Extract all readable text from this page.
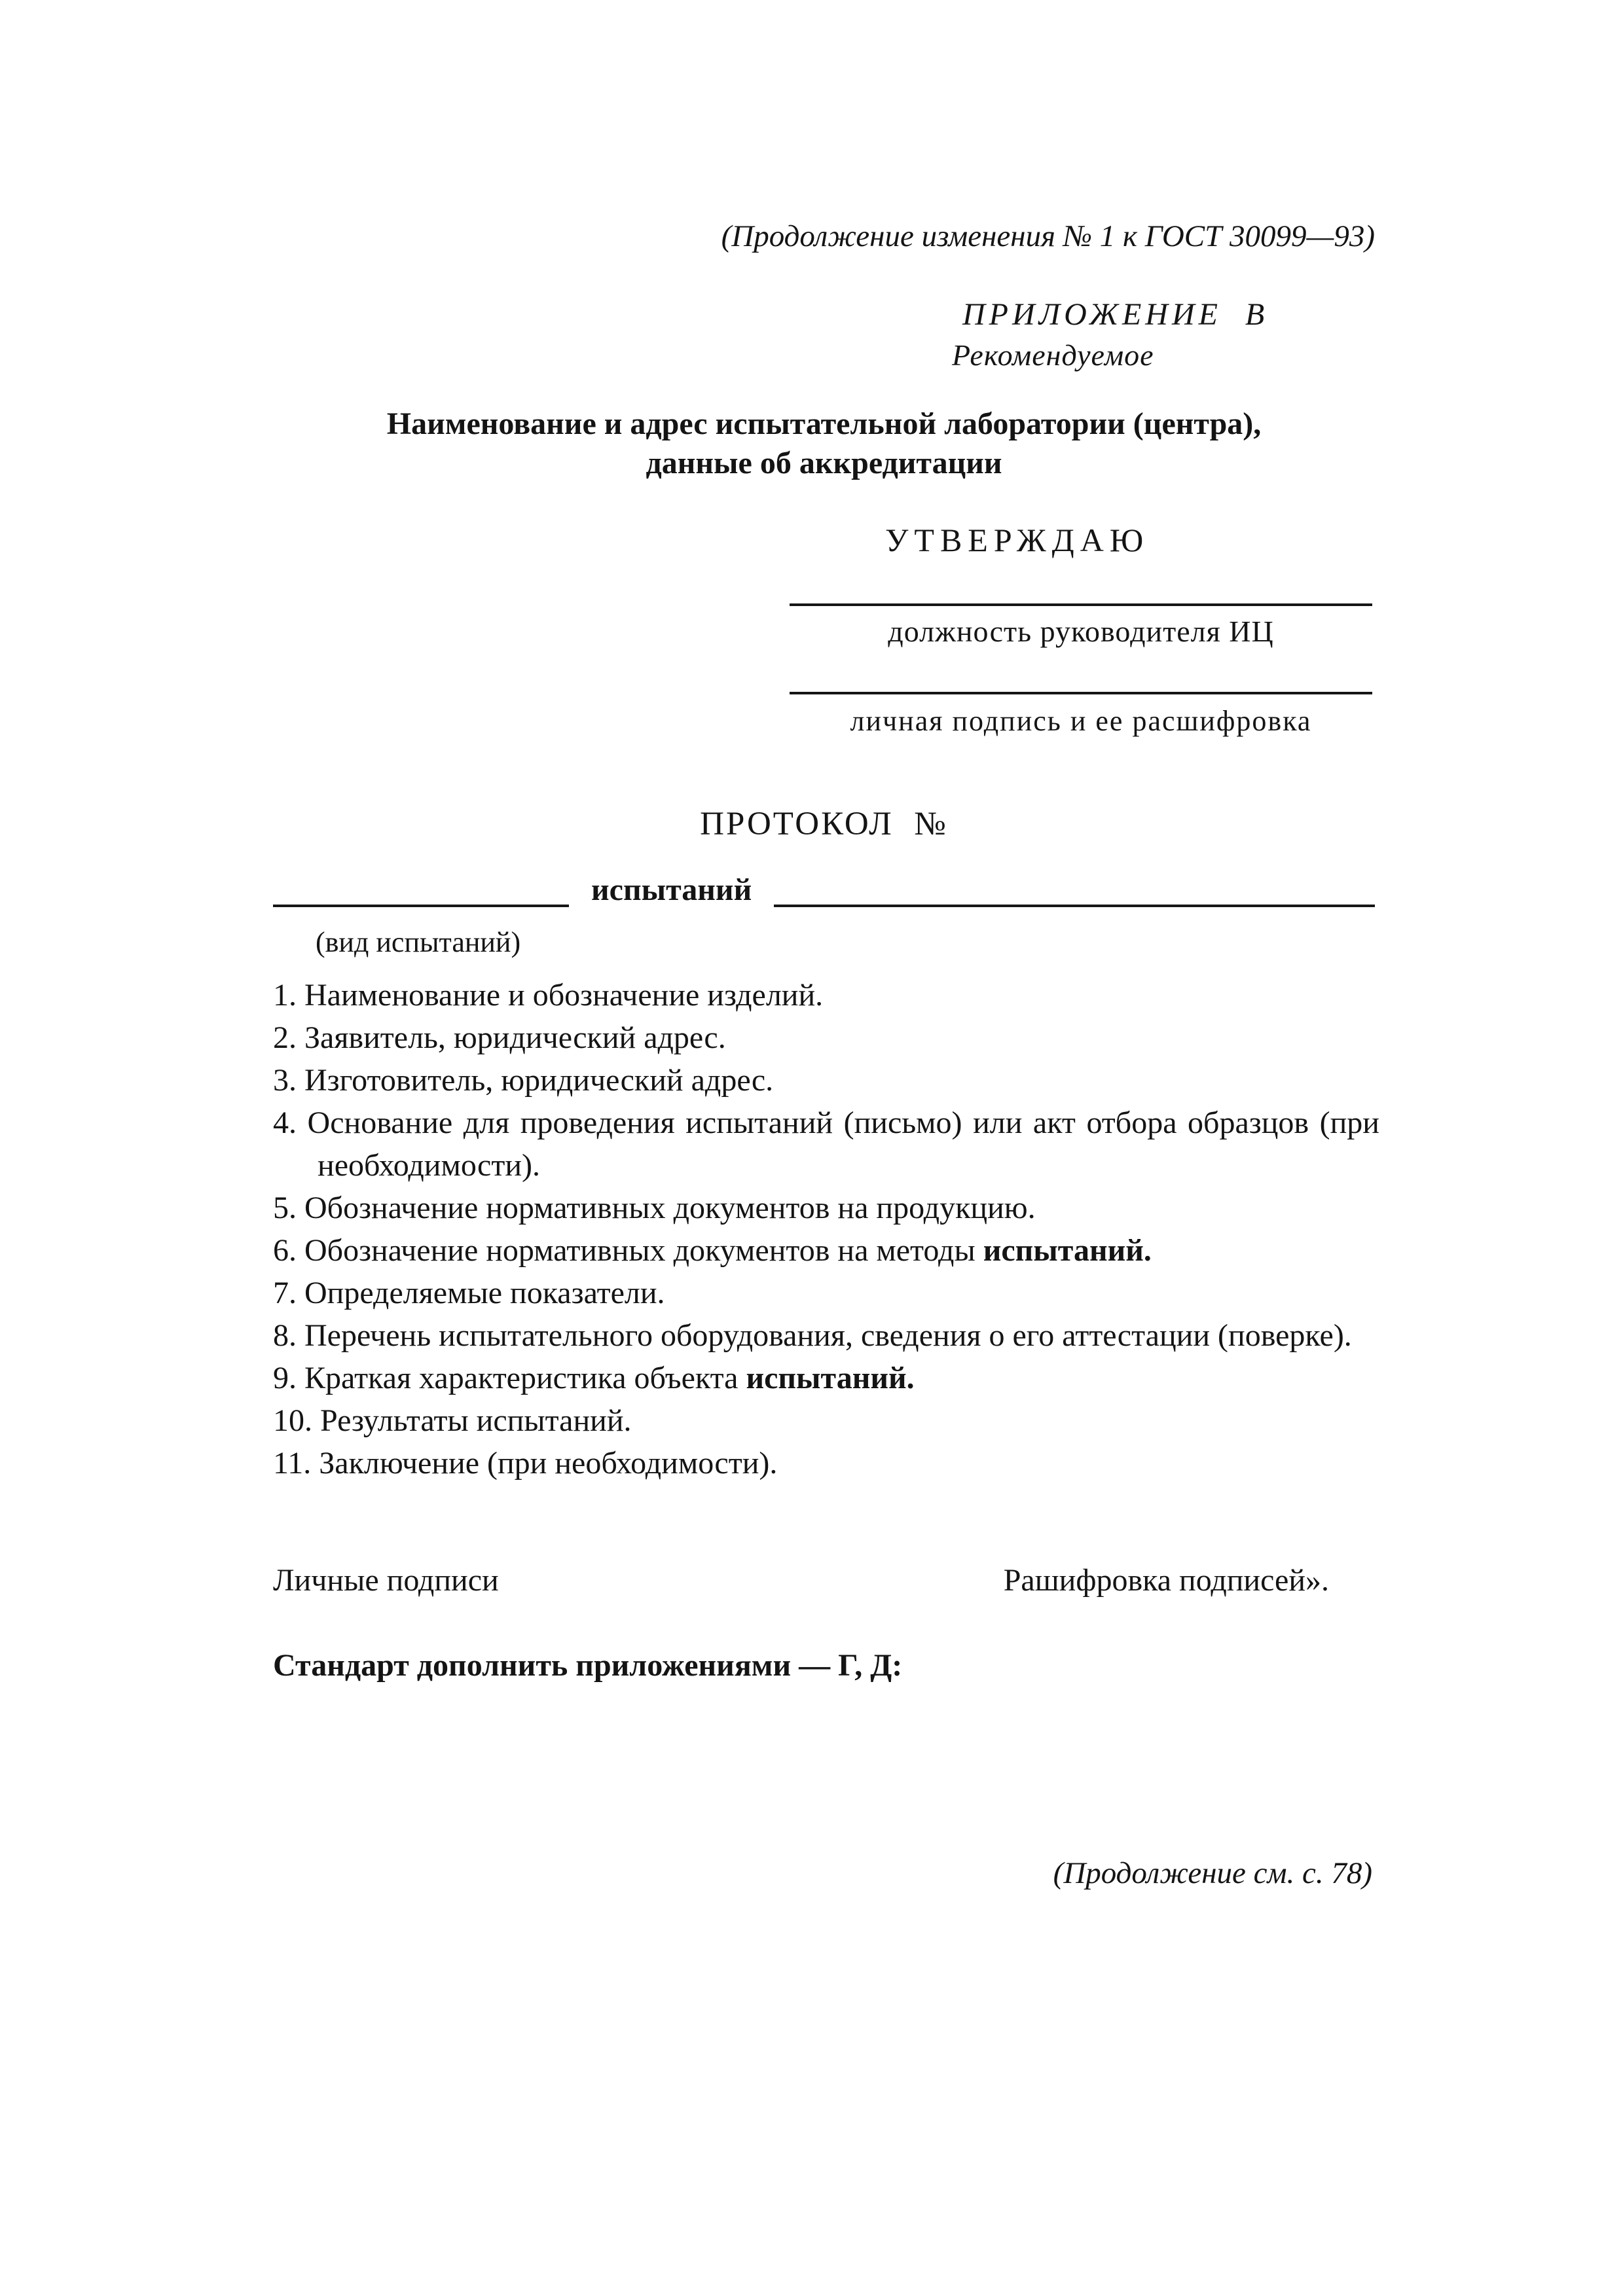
(Продолжение изменения № 1 к ГОСТ 30099—93)
ПРИЛОЖЕНИЕ  В
Рекомендуемое
Наименование и адрес испытательной лаборатории (центра),
данные об аккредитации
УТВЕРЖДАЮ
должность руководителя ИЦ
личная подпись и ее расшифровка
ПРОТОКОЛ  №
испытаний
(вид испытаний)
1. Наименование и обозначение изделий.
2. Заявитель, юридический адрес.
3. Изготовитель, юридический адрес.
4. Основание для проведения испытаний (письмо) или акт отбора образцов (при необходимости).
5. Обозначение нормативных документов на продукцию.
6. Обозначение нормативных документов на методы испытаний.
7. Определяемые показатели.
8. Перечень испытательного оборудования, сведения о его аттестации (поверке).
9. Краткая характеристика объекта испытаний.
10. Результаты испытаний.
11. Заключение (при необходимости).
Личные подписи	Рашифровка подписей».
Стандарт дополнить приложениями — Г, Д:
(Продолжение см. с. 78)
